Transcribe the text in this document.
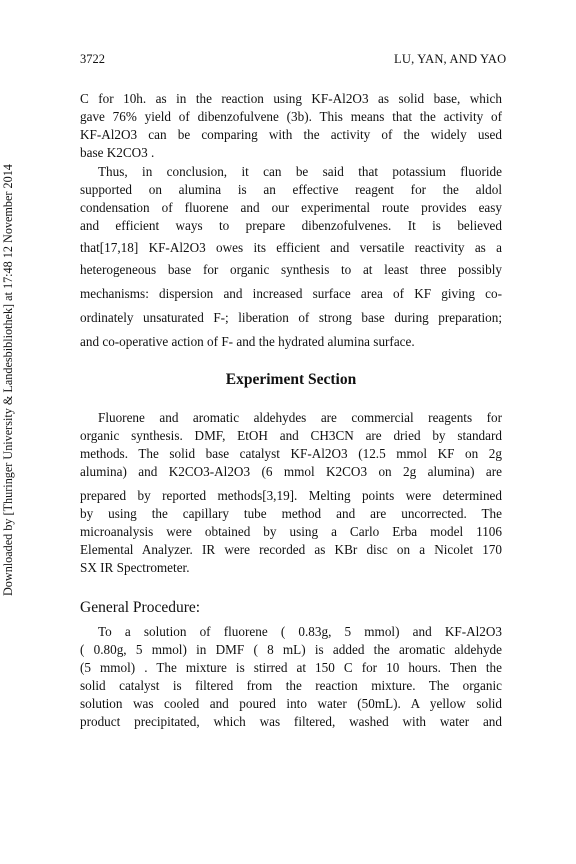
3722	LU, YAN, AND YAO
Downloaded by [Thuringer University & Landesbibliothek] at 17:48 12 November 2014

C for 10h. as in the reaction using KF-Al2O3 as solid base, which

gave 76% yield of dibenzofulvene (3b). This means that the activity of

KF-Al2O3 can be comparing with the activity of the widely used

base K2CO3 .

Thus, in conclusion, it can be said that potassium fluoride

supported on alumina is an effective reagent for the aldol

condensation of fluorene and our experimental route provides easy

and efficient ways to prepare dibenzofulvenes. It is believed

that[17,18] KF-Al2O3 owes its efficient and versatile reactivity as a

heterogeneous base for organic synthesis to at least three possibly

mechanisms: dispersion and increased surface area of KF giving co-

ordinately unsaturated F-; liberation of strong base during preparation;

and co-operative action of F- and the hydrated alumina surface.

Experiment Section

Fluorene and aromatic aldehydes are commercial reagents for

organic synthesis. DMF, EtOH and CH3CN are dried by standard

methods. The solid base catalyst KF-Al2O3 (12.5 mmol KF on 2g

alumina) and K2CO3-Al2O3 (6 mmol K2CO3 on 2g alumina) are

prepared by reported methods[3,19]. Melting points were determined

by using the capillary tube method and are uncorrected. The

microanalysis were obtained by using a Carlo Erba model 1106

Elemental Analyzer. IR were recorded as KBr disc on a Nicolet 170

SX IR Spectrometer.

General Procedure:

To a solution of fluorene ( 0.83g, 5 mmol) and KF-Al2O3

( 0.80g, 5 mmol) in DMF ( 8 mL) is added the aromatic aldehyde

(5 mmol) . The mixture is stirred at 150 C for 10 hours. Then the

solid catalyst is filtered from the reaction mixture. The organic

solution was cooled and poured into water (50mL). A yellow solid

product precipitated, which was filtered, washed with water and
